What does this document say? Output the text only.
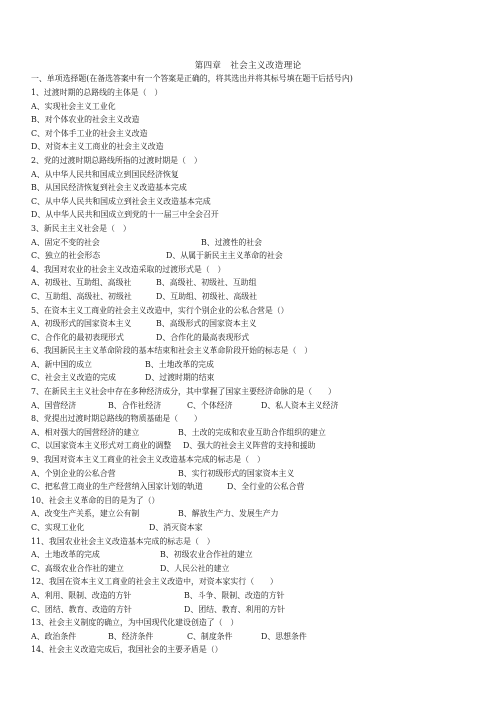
第四章　社会主义改造理论
一、单项选择题(在备选答案中有一个答案是正确的，将其选出并将其标号填在题干后括号内)
1、过渡时期的总路线的主体是（　）
A、实现社会主义工业化
B、对个体农业的社会主义改造
C、对个体手工业的社会主义改造
D、对资本主义工商业的社会主义改造
2、党的过渡时期总路线所指的过渡时期是（　）
A、从中华人民共和国成立到国民经济恢复
B、从国民经济恢复到社会主义改造基本完成
C、从中华人民共和国成立到社会主义改造基本完成
D、从中华人民共和国成立到党的十一届三中全会召开
3、新民主主义社会是（　）
A、固定不变的社会	B、过渡性的社会
C、独立的社会形态	D、从属于新民主主义革命的社会
4、我国对农业的社会主义改造采取的过渡形式是（　）
A、初级社、互助组、高级社	B、高级社、初级社、互助组
C、互助组、高级社、初级社	D、互助组、初级社、高级社
5、在资本主义工商业的社会主义改造中，实行个别企业的公私合营是（）
A、初级形式的国家资本主义	B、高级形式的国家资本主义
C、合作化的最初表现形式	D、合作化的最高表现形式
6、我国新民主主义革命阶段的基本结束和社会主义革命阶段开始的标志是（　）
A、新中国的成立	B、土地改革的完成
C、社会主义改造的完成	D、过渡时期的结束
7、在新民主主义社会中存在多种经济成分，其中掌握了国家主要经济命脉的是（　　）
A、国营经济	B、合作社经济	C、个体经济	D、私人资本主义经济
8、党提出过渡时期总路线的物质基础是（　　）
A、相对强大的国营经济的建立	B、土改的完成和农业互助合作组织的建立
C、以国家资本主义形式对工商业的调整 D、强大的社会主义阵营的支持和援助
9、我国对资本主义工商业的社会主义改造基本完成的标志是（　）
A、个别企业的公私合营	B、实行初级形式的国家资本主义
C、把私营工商业的生产经营纳入国家计划的轨道	D、全行业的公私合营
10、社会主义革命的目的是为了（）
A、改变生产关系，建立公有制	B、解放生产力、发展生产力
C、实现工业化	D、消灭资本家
11、我国农业社会主义改造基本完成的标志是（　）
A、土地改革的完成	B、初级农业合作社的建立
C、高级农业合作社的建立	D、人民公社的建立
12、我国在资本主义工商业的社会主义改造中，对资本家实行（　　）
A、利用、限制、改造的方针	B、斗争、限制、改造的方针
C、团结、教育、改造的方针	D、团结、教育、利用的方针
13、社会主义制度的确立，为中国现代化建设创造了（　）
A、政治条件	B、经济条件	C、制度条件	D、思想条件
14、社会主义改造完成后，我国社会的主要矛盾是（）
